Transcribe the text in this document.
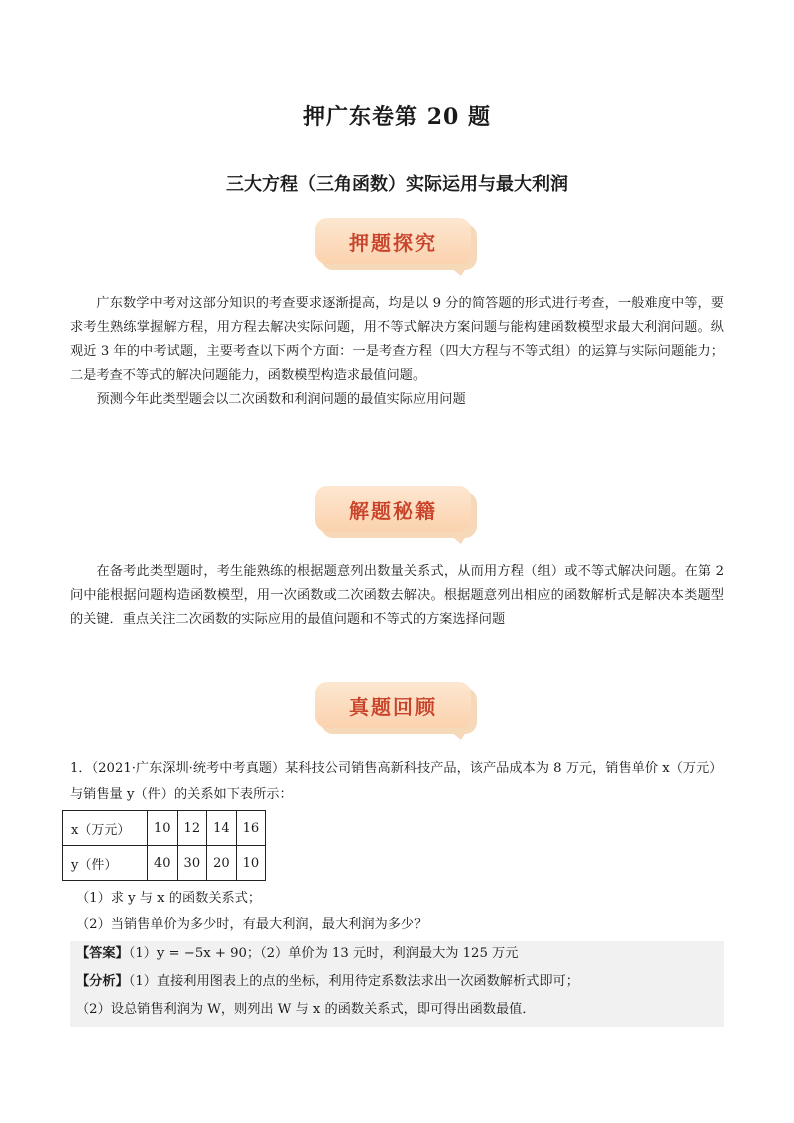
押广东卷第 20 题
三大方程（三角函数）实际运用与最大利润
押题探究

广东数学中考对这部分知识的考查要求逐渐提高，均是以 9 分的简答题的形式进行考查，一般难度中等，要求考生熟练掌握解方程，用方程去解决实际问题，用不等式解决方案问题与能构建函数模型求最大利润问题。纵观近 3 年的中考试题，主要考查以下两个方面：一是考查方程（四大方程与不等式组）的运算与实际问题能力；二是考查不等式的解决问题能力，函数模型构造求最值问题。

预测今年此类型题会以二次函数和利润问题的最值实际应用问题

解题秘籍

在备考此类型题时，考生能熟练的根据题意列出数量关系式，从而用方程（组）或不等式解决问题。在第 2 问中能根据问题构造函数模型，用一次函数或二次函数去解决。根据题意列出相应的函数解析式是解决本类题型的关键．重点关注二次函数的实际应用的最值问题和不等式的方案选择问题

真题回顾
1．（2021·广东深圳·统考中考真题）某科技公司销售高新科技产品，该产品成本为 8 万元，销售单价 x（万元）与销售量 y（件）的关系如下表所示：
x（万元）	10	12	14	16
y（件）	40	30	20	10
（1）求 y 与 x 的函数关系式；
（2）当销售单价为多少时，有最大利润，最大利润为多少？
【答案】（1）y = −5x + 90；（2）单价为 13 元时，利润最大为 125 万元
【分析】（1）直接利用图表上的点的坐标，利用待定系数法求出一次函数解析式即可；
（2）设总销售利润为 W，则列出 W 与 x 的函数关系式，即可得出函数最值．
